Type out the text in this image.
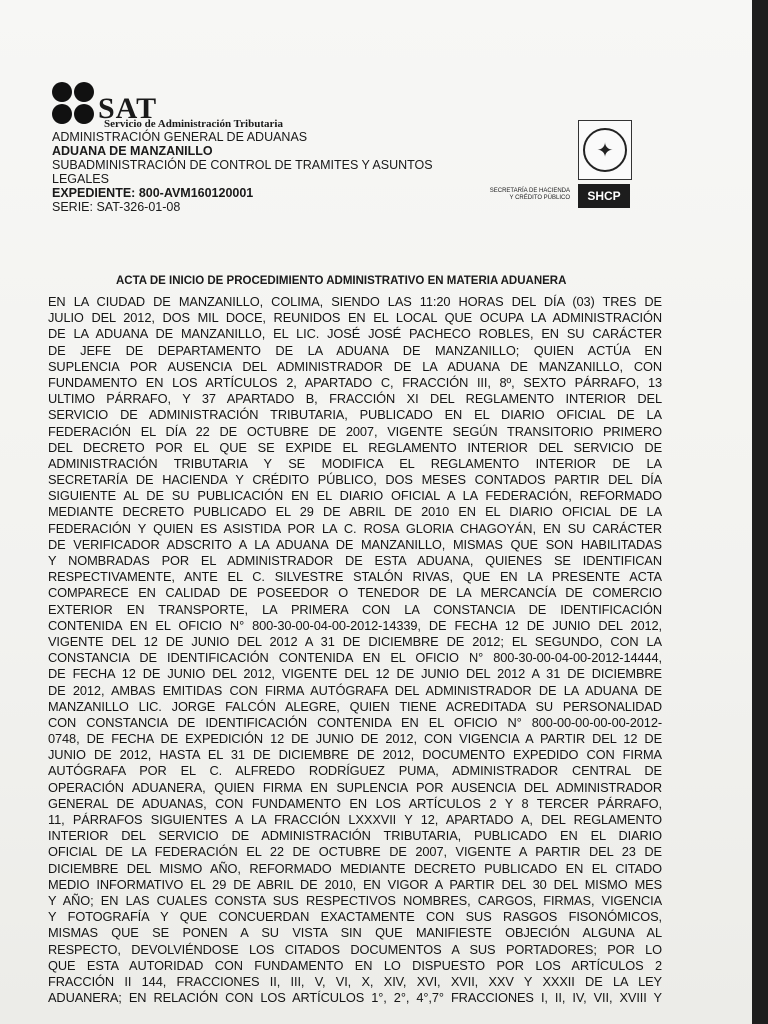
SAT
Servicio de Administración Tributaria

ADMINISTRACIÓN GENERAL DE ADUANAS

ADUANA DE MANZANILLO

SUBADMINISTRACIÓN DE CONTROL DE TRAMITES Y ASUNTOS

LEGALES

EXPEDIENTE: 800-AVM160120001

SERIE: SAT-326-01-08

✦
SECRETARÍA DE HACIENDA
Y CRÉDITO PÚBLICO	SHCP
ACTA DE INICIO DE PROCEDIMIENTO ADMINISTRATIVO EN MATERIA ADUANERA
EN LA CIUDAD DE MANZANILLO, COLIMA, SIENDO LAS 11:20 HORAS DEL DÍA (03) TRES DE
JULIO DEL 2012, DOS MIL DOCE, REUNIDOS EN EL LOCAL QUE OCUPA LA ADMINISTRACIÓN
DE LA ADUANA DE MANZANILLO, EL LIC. JOSÉ JOSÉ PACHECO ROBLES, EN SU CARÁCTER
DE JEFE DE DEPARTAMENTO DE LA ADUANA DE MANZANILLO; QUIEN ACTÚA EN
SUPLENCIA POR AUSENCIA DEL ADMINISTRADOR DE LA ADUANA DE MANZANILLO, CON
FUNDAMENTO EN LOS ARTÍCULOS 2, APARTADO C, FRACCIÓN III, 8º, SEXTO PÁRRAFO, 13
ULTIMO PÁRRAFO, Y 37 APARTADO B, FRACCIÓN XI DEL REGLAMENTO INTERIOR DEL
SERVICIO DE ADMINISTRACIÓN TRIBUTARIA, PUBLICADO EN EL DIARIO OFICIAL DE LA
FEDERACIÓN EL DÍA 22 DE OCTUBRE DE 2007, VIGENTE SEGÚN TRANSITORIO PRIMERO
DEL DECRETO POR EL QUE SE EXPIDE EL REGLAMENTO INTERIOR DEL SERVICIO DE
ADMINISTRACIÓN TRIBUTARIA Y SE MODIFICA EL REGLAMENTO INTERIOR DE LA
SECRETARÍA DE HACIENDA Y CRÉDITO PÚBLICO, DOS MESES CONTADOS PARTIR DEL DÍA
SIGUIENTE AL DE SU PUBLICACIÓN EN EL DIARIO OFICIAL A LA FEDERACIÓN, REFORMADO
MEDIANTE DECRETO PUBLICADO EL 29 DE ABRIL DE 2010 EN EL DIARIO OFICIAL DE LA
FEDERACIÓN Y QUIEN ES ASISTIDA POR LA C. ROSA GLORIA CHAGOYÁN, EN SU CARÁCTER
DE VERIFICADOR ADSCRITO A LA ADUANA DE MANZANILLO, MISMAS QUE SON HABILITADAS
Y NOMBRADAS POR EL ADMINISTRADOR DE ESTA ADUANA, QUIENES SE IDENTIFICAN
RESPECTIVAMENTE, ANTE EL C. SILVESTRE STALÓN RIVAS, QUE EN LA PRESENTE ACTA
COMPARECE EN CALIDAD DE POSEEDOR O TENEDOR DE LA MERCANCÍA DE COMERCIO
EXTERIOR EN TRANSPORTE, LA PRIMERA CON LA CONSTANCIA DE IDENTIFICACIÓN
CONTENIDA EN EL OFICIO N° 800-30-00-04-00-2012-14339, DE FECHA 12 DE JUNIO DEL 2012,
VIGENTE DEL 12 DE JUNIO DEL 2012 A 31 DE DICIEMBRE DE 2012; EL SEGUNDO, CON LA
CONSTANCIA DE IDENTIFICACIÓN CONTENIDA EN EL OFICIO N° 800-30-00-04-00-2012-14444,
DE FECHA 12 DE JUNIO DEL 2012, VIGENTE DEL 12 DE JUNIO DEL 2012 A 31 DE DICIEMBRE
DE 2012, AMBAS EMITIDAS CON FIRMA AUTÓGRAFA DEL ADMINISTRADOR DE LA ADUANA DE
MANZANILLO LIC. JORGE FALCÓN ALEGRE, QUIEN TIENE ACREDITADA SU PERSONALIDAD
CON CONSTANCIA DE IDENTIFICACIÓN CONTENIDA EN EL OFICIO N° 800-00-00-00-00-2012-
0748, DE FECHA DE EXPEDICIÓN 12 DE JUNIO DE 2012, CON VIGENCIA A PARTIR DEL 12 DE
JUNIO DE 2012, HASTA EL 31 DE DICIEMBRE DE 2012, DOCUMENTO EXPEDIDO CON FIRMA
AUTÓGRAFA POR EL C. ALFREDO RODRÍGUEZ PUMA, ADMINISTRADOR CENTRAL DE
OPERACIÓN ADUANERA, QUIEN FIRMA EN SUPLENCIA POR AUSENCIA DEL ADMINISTRADOR
GENERAL DE ADUANAS, CON FUNDAMENTO EN LOS ARTÍCULOS 2 Y 8 TERCER PÁRRAFO,
11, PÁRRAFOS SIGUIENTES A LA FRACCIÓN LXXXVII Y 12, APARTADO A, DEL REGLAMENTO
INTERIOR DEL SERVICIO DE ADMINISTRACIÓN TRIBUTARIA, PUBLICADO EN EL DIARIO
OFICIAL DE LA FEDERACIÓN EL 22 DE OCTUBRE DE 2007, VIGENTE A PARTIR DEL 23 DE
DICIEMBRE DEL MISMO AÑO, REFORMADO MEDIANTE DECRETO PUBLICADO EN EL CITADO
MEDIO INFORMATIVO EL 29 DE ABRIL DE 2010, EN VIGOR A PARTIR DEL 30 DEL MISMO MES
Y AÑO; EN LAS CUALES CONSTA SUS RESPECTIVOS NOMBRES, CARGOS, FIRMAS, VIGENCIA
Y FOTOGRAFÍA Y QUE CONCUERDAN EXACTAMENTE CON SUS RASGOS FISONÓMICOS,
MISMAS QUE SE PONEN A SU VISTA SIN QUE MANIFIESTE OBJECIÓN ALGUNA AL
RESPECTO, DEVOLVIÉNDOSE LOS CITADOS DOCUMENTOS A SUS PORTADORES; POR LO
QUE ESTA AUTORIDAD CON FUNDAMENTO EN LO DISPUESTO POR LOS ARTÍCULOS 2
FRACCIÓN II 144, FRACCIONES II, III, V, VI, X, XIV, XVI, XVII, XXV Y XXXII DE LA LEY
ADUANERA; EN RELACIÓN CON LOS ARTÍCULOS 1°, 2°, 4°,7° FRACCIONES I, II, IV, VII, XVIII Y
